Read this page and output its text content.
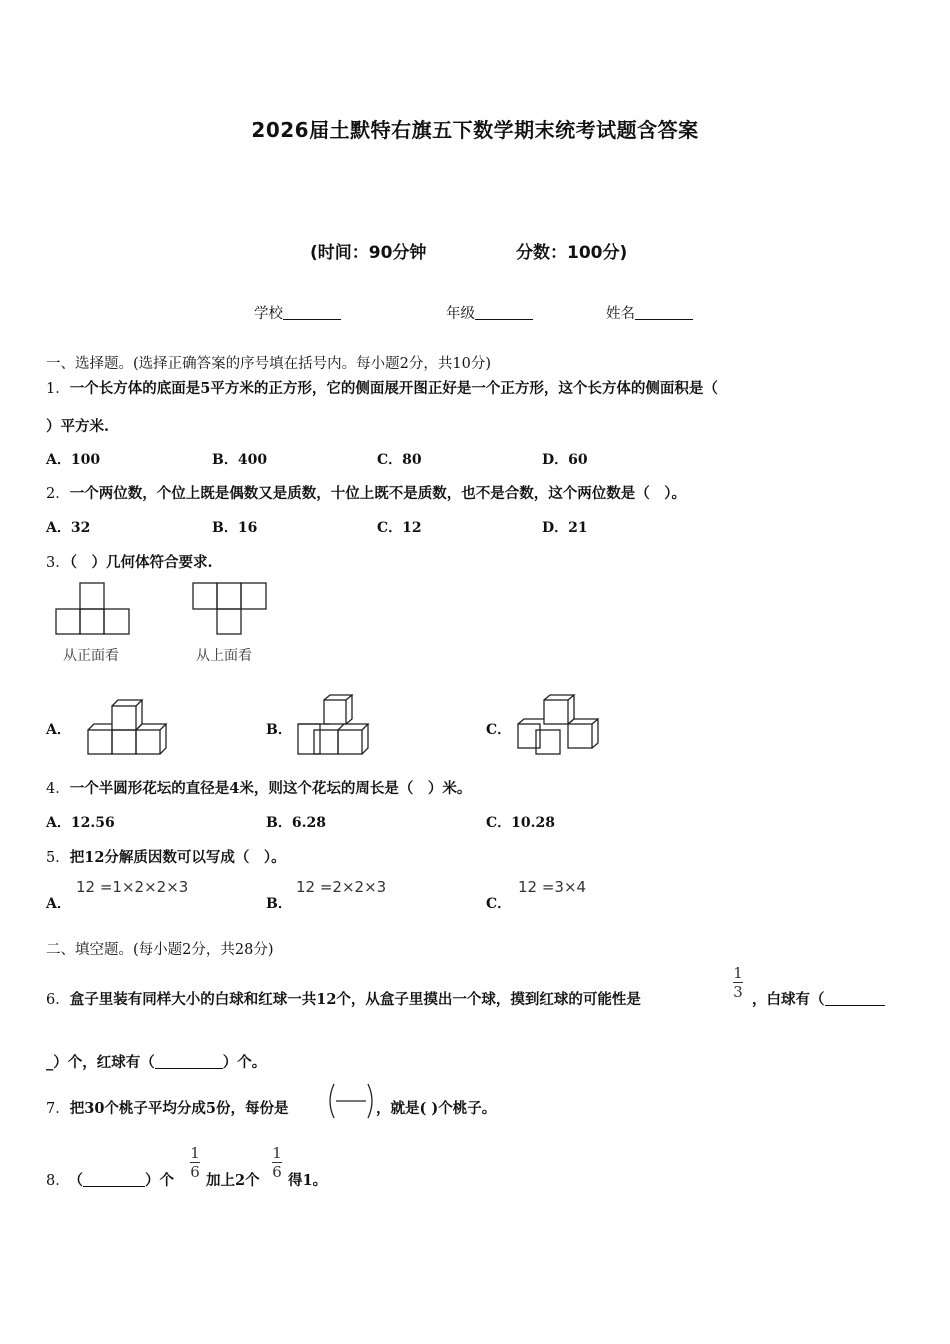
2026届土默特右旗五下数学期末统考试题含答案
(时间：90分钟	分数：100分)
学校	年级	姓名
一、选择题。(选择正确答案的序号填在括号内。每小题2分，共10分)
1．一个长方体的底面是5平方米的正方形，它的侧面展开图正好是一个正方形，这个长方体的侧面积是（
）平方米.
A．100	B．400	C．80	D．60
2．一个两位数，个位上既是偶数又是质数，十位上既不是质数，也不是合数，这个两位数是（　）。
A．32	B．16	C．12	D．21
3．（　）几何体符合要求.
从正面看	从上面看
A．	B．	C．
4．一个半圆形花坛的直径是4米，则这个花坛的周长是（　）米。
A．12.56	B．6.28	C．10.28
5．把12分解质因数可以写成（　）。
A．
12 =1×2×2×3
B．
12 =2×2×3
C．
12 =3×4
二、填空题。(每小题2分，共28分)
6．盒子里装有同样大小的白球和红球一共12个，从盒子里摸出一个球，摸到红球的可能性是
1
3 ，白球有（
_）个，红球有（	）个。
7．把30个桃子平均分成5份，每份是	，就是( )个桃子。
8． （	）个
1
6 加上2个
1
6 得1。
